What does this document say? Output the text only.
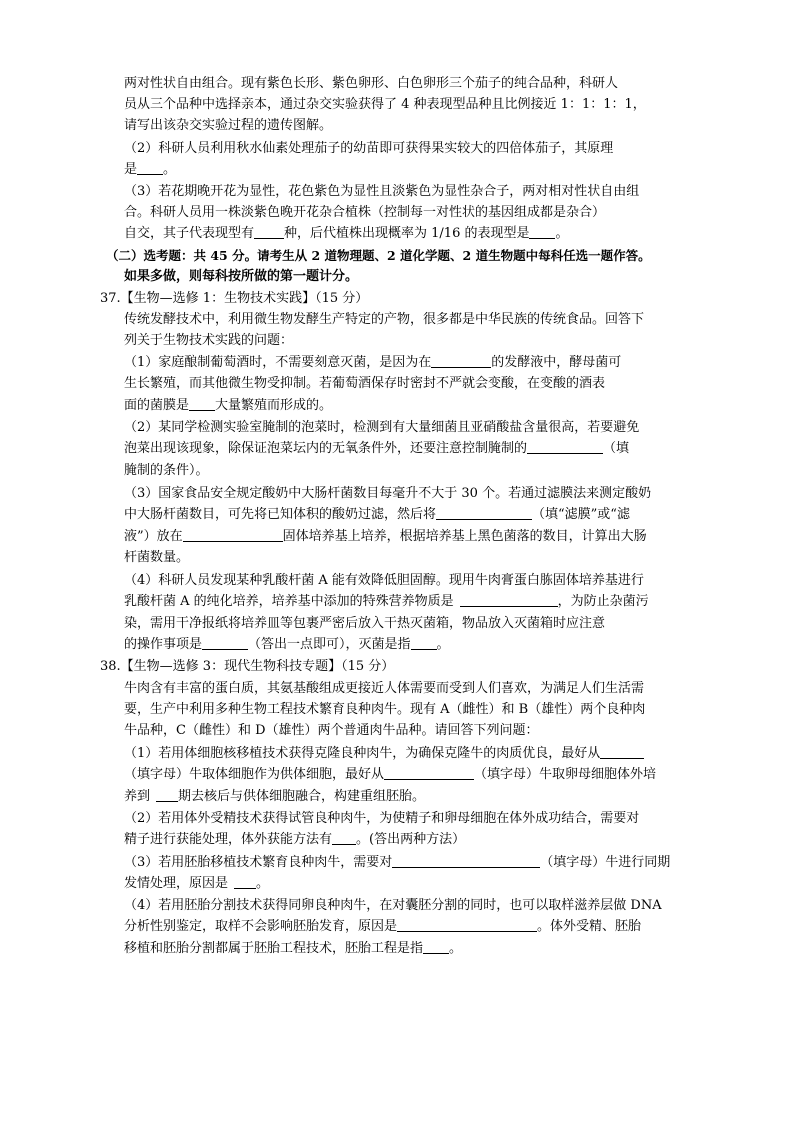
两对性状自由组合。现有紫色长形、紫色卵形、白色卵形三个茄子的纯合品种，科研人
员从三个品种中选择亲本，通过杂交实验获得了 4 种表现型品种且比例接近 1：1：1：1，
请写出该杂交实验过程的遗传图解。
（2）科研人员利用秋水仙素处理茄子的幼苗即可获得果实较大的四倍体茄子，其原理
是 。
（3）若花期晚开花为显性，花色紫色为显性且淡紫色为显性杂合子，两对相对性状自由组
合。科研人员用一株淡紫色晚开花杂合植株（控制每一对性状的基因组成都是杂合）
自交，其子代表现型有 种，后代植株出现概率为 1/16 的表现型是 。
（二）选考题：共 45 分。请考生从 2 道物理题、2 道化学题、2 道生物题中每科任选一题作答。
如果多做，则每科按所做的第一题计分。
37.【生物—选修 1：生物技术实践】（15 分）
传统发酵技术中，利用微生物发酵生产特定的产物，很多都是中华民族的传统食品。回答下
列关于生物技术实践的问题：
（1）家庭酿制葡萄酒时，不需要刻意灭菌，是因为在	的发酵液中，酵母菌可
生长繁殖，而其他微生物受抑制。若葡萄酒保存时密封不严就会变酸，在变酸的酒表
面的菌膜是 大量繁殖而形成的。
（2）某同学检测实验室腌制的泡菜时，检测到有大量细菌且亚硝酸盐含量很高，若要避免
泡菜出现该现象，除保证泡菜坛内的无氧条件外，还要注意控制腌制的	（填
腌制的条件）。
（3）国家食品安全规定酸奶中大肠杆菌数目每毫升不大于 30 个。若通过滤膜法来测定酸奶
中大肠杆菌数目，可先将已知体积的酸奶过滤，然后将	（填“滤膜”或“滤
液”）放在	固体培养基上培养，根据培养基上黑色菌落的数目，计算出大肠
杆菌数量。
（4）科研人员发现某种乳酸杆菌 A 能有效降低胆固醇。现用牛肉膏蛋白胨固体培养基进行
乳酸杆菌 A 的纯化培养，培养基中添加的特殊营养物质是	，为防止杂菌污
染，需用干净报纸将培养皿等包裹严密后放入干热灭菌箱，物品放入灭菌箱时应注意
的操作事项是	（答出一点即可），灭菌是指 。
38.【生物—选修 3：现代生物科技专题】（15 分）
牛肉含有丰富的蛋白质，其氨基酸组成更接近人体需要而受到人们喜欢，为满足人们生活需
要，生产中利用多种生物工程技术繁育良种肉牛。现有 A（雌性）和 B（雄性）两个良种肉
牛品种，C（雌性）和 D（雄性）两个普通肉牛品种。请回答下列问题：
（1）若用体细胞核移植技术获得克隆良种肉牛，为确保克隆牛的肉质优良，最好从
（填字母）牛取体细胞作为供体细胞，最好从	（填字母）牛取卵母细胞体外培
养到 期去核后与供体细胞融合，构建重组胚胎。
（2）若用体外受精技术获得试管良种肉牛，为使精子和卵母细胞在体外成功结合，需要对
精子进行获能处理，体外获能方法有 。(答出两种方法）
（3）若用胚胎移植技术繁育良种肉牛，需要对	（填字母）牛进行同期
发情处理，原因是 。
（4）若用胚胎分割技术获得同卵良种肉牛，在对囊胚分割的同时，也可以取样滋养层做 DNA
分析性别鉴定，取样不会影响胚胎发育，原因是	。体外受精、胚胎
移植和胚胎分割都属于胚胎工程技术，胚胎工程是指 。
